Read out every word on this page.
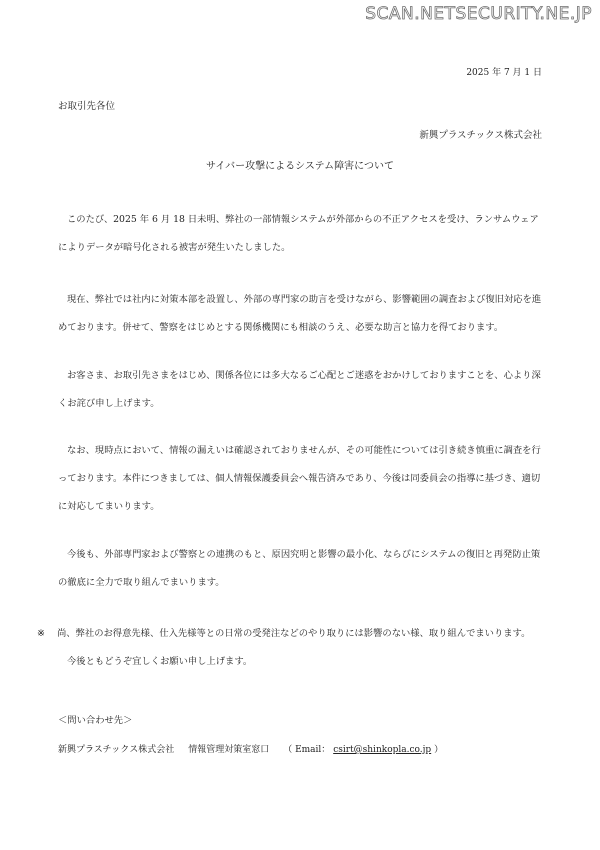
SCAN.NETSECURITY.NE.JP
2025 年 7 月 1 日
お取引先各位
新興プラスチックス株式会社
サイバー攻撃によるシステム障害について
このたび、2025 年 6 月 18 日未明、弊社の一部情報システムが外部からの不正アクセスを受け、ランサムウェアによりデータが暗号化される被害が発生いたしました。
現在、弊社では社内に対策本部を設置し、外部の専門家の助言を受けながら、影響範囲の調査および復旧対応を進めております。併せて、警察をはじめとする関係機関にも相談のうえ、必要な助言と協力を得ております。
お客さま、お取引先さまをはじめ、関係各位には多大なるご心配とご迷惑をおかけしておりますことを、心より深くお詫び申し上げます。
なお、現時点において、情報の漏えいは確認されておりませんが、その可能性については引き続き慎重に調査を行っております。本件につきましては、個人情報保護委員会へ報告済みであり、今後は同委員会の指導に基づき、適切に対応してまいります。
今後も、外部専門家および警察との連携のもと、原因究明と影響の最小化、ならびにシステムの復旧と再発防止策の徹底に全力で取り組んでまいります。
※ 尚、弊社のお得意先様、仕入先様等との日常の受発注などのやり取りには影響のない様、取り組んでまいります。
今後ともどうぞ宜しくお願い申し上げます。
＜問い合わせ先＞
新興プラスチックス株式会社 情報管理対策室窓口 （ Email： csirt@shinkopla.co.jp ）
